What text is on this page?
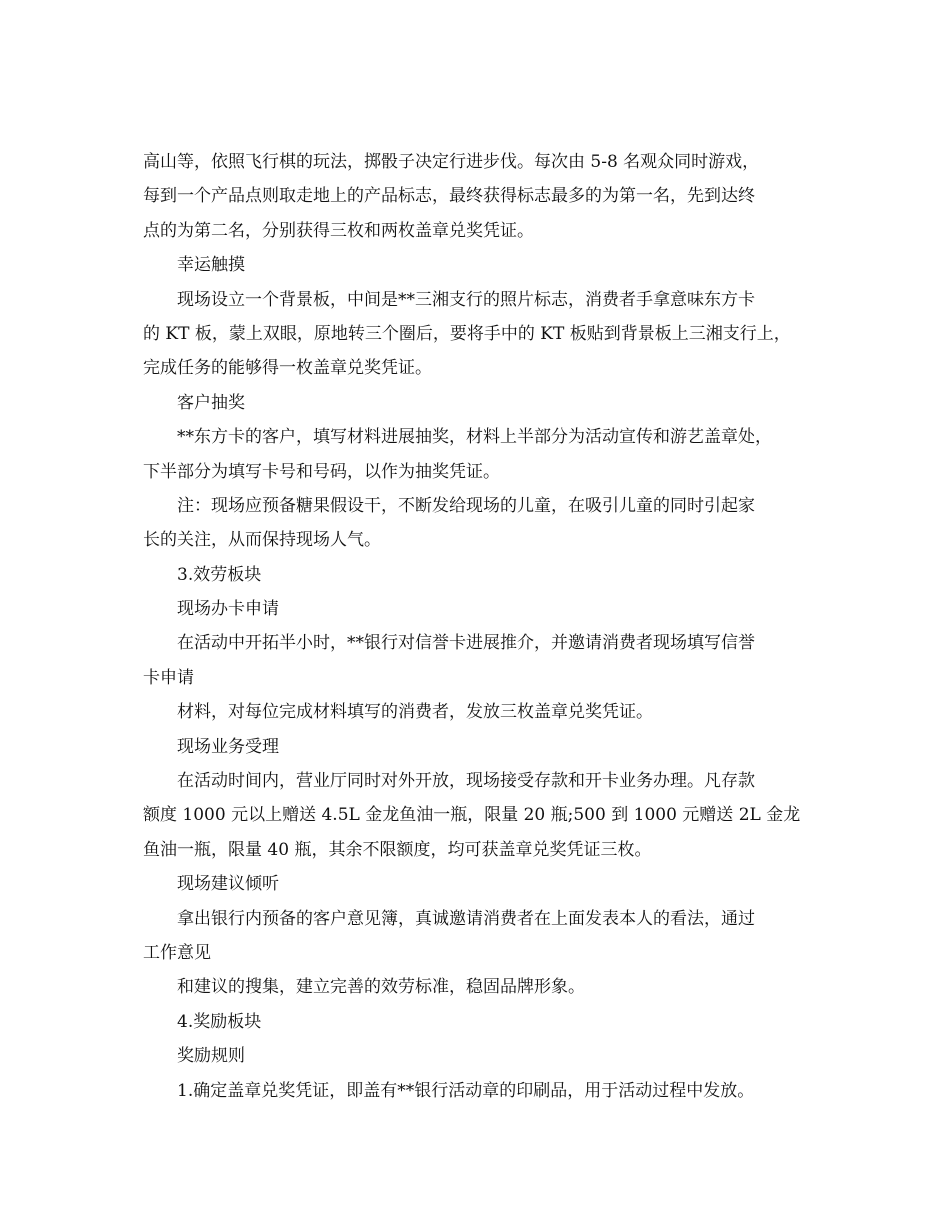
高山等，依照飞行棋的玩法，掷骰子决定行进步伐。每次由 5-8 名观众同时游戏，
每到一个产品点则取走地上的产品标志，最终获得标志最多的为第一名，先到达终
点的为第二名，分别获得三枚和两枚盖章兑奖凭证。
幸运触摸
现场设立一个背景板，中间是**三湘支行的照片标志，消费者手拿意味东方卡
的 KT 板，蒙上双眼，原地转三个圈后，要将手中的 KT 板贴到背景板上三湘支行上，
完成任务的能够得一枚盖章兑奖凭证。
客户抽奖
**东方卡的客户，填写材料进展抽奖，材料上半部分为活动宣传和游艺盖章处，
下半部分为填写卡号和号码，以作为抽奖凭证。
注：现场应预备糖果假设干，不断发给现场的儿童，在吸引儿童的同时引起家
长的关注，从而保持现场人气。
3.效劳板块
现场办卡申请
在活动中开拓半小时，**银行对信誉卡进展推介，并邀请消费者现场填写信誉
卡申请
材料，对每位完成材料填写的消费者，发放三枚盖章兑奖凭证。
现场业务受理
在活动时间内，营业厅同时对外开放，现场接受存款和开卡业务办理。凡存款
额度 1000 元以上赠送 4.5L 金龙鱼油一瓶，限量 20 瓶;500 到 1000 元赠送 2L 金龙
鱼油一瓶，限量 40 瓶，其余不限额度，均可获盖章兑奖凭证三枚。
现场建议倾听
拿出银行内预备的客户意见簿，真诚邀请消费者在上面发表本人的看法，通过
工作意见
和建议的搜集，建立完善的效劳标准，稳固品牌形象。
4.奖励板块
奖励规则
1.确定盖章兑奖凭证，即盖有**银行活动章的印刷品，用于活动过程中发放。
